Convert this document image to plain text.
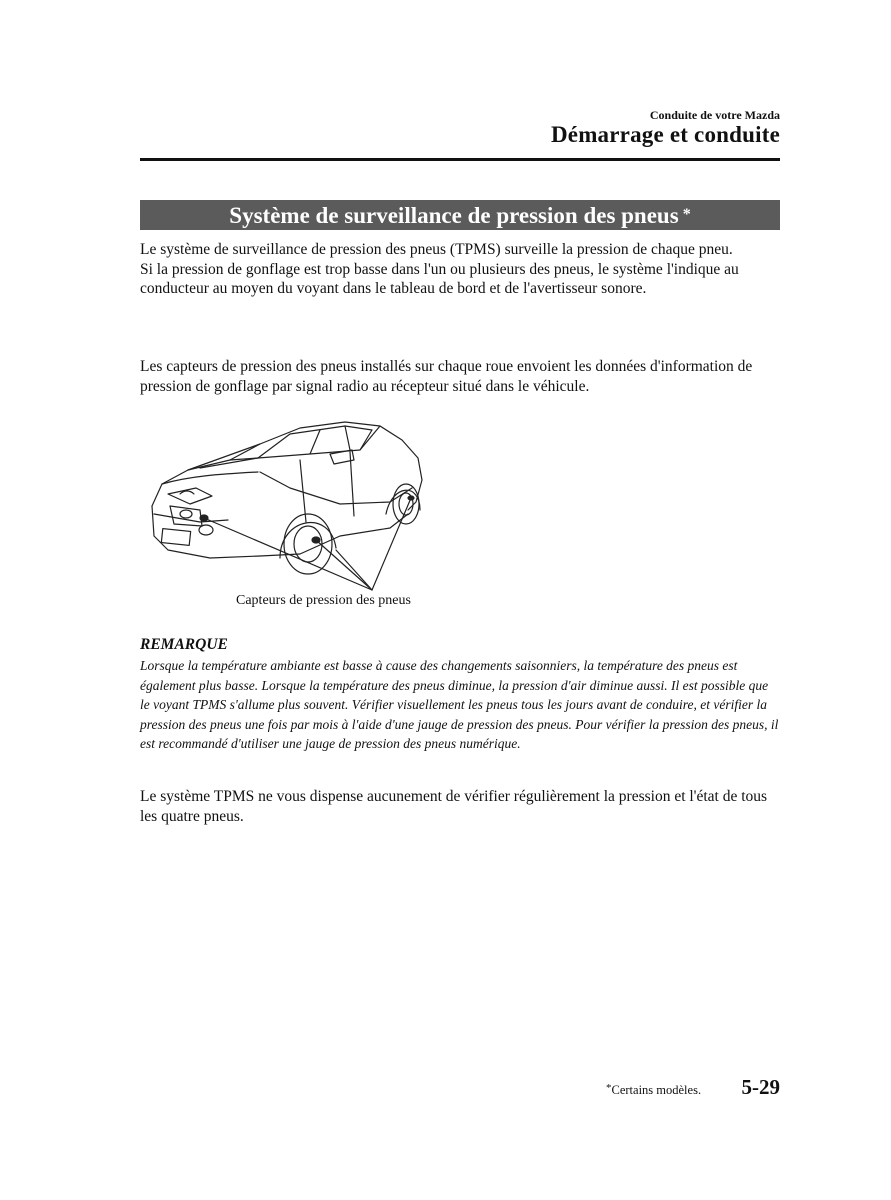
Conduite de votre Mazda
Démarrage et conduite
Système de surveillance de pression des pneus *
Le système de surveillance de pression des pneus (TPMS) surveille la pression de chaque pneu.
Si la pression de gonflage est trop basse dans l'un ou plusieurs des pneus, le système l'indique au conducteur au moyen du voyant dans le tableau de bord et de l'avertisseur sonore.
Les capteurs de pression des pneus installés sur chaque roue envoient les données d'information de pression de gonflage par signal radio au récepteur situé dans le véhicule.
Capteurs de pression des pneus
REMARQUE
Lorsque la température ambiante est basse à cause des changements saisonniers, la température des pneus est également plus basse. Lorsque la température des pneus diminue, la pression d'air diminue aussi. Il est possible que le voyant TPMS s'allume plus souvent. Vérifier visuellement les pneus tous les jours avant de conduire, et vérifier la pression des pneus une fois par mois à l'aide d'une jauge de pression des pneus. Pour vérifier la pression des pneus, il est recommandé d'utiliser une jauge de pression des pneus numérique.
Le système TPMS ne vous dispense aucunement de vérifier régulièrement la pression et l'état de tous les quatre pneus.
*Certains modèles. 5-29
